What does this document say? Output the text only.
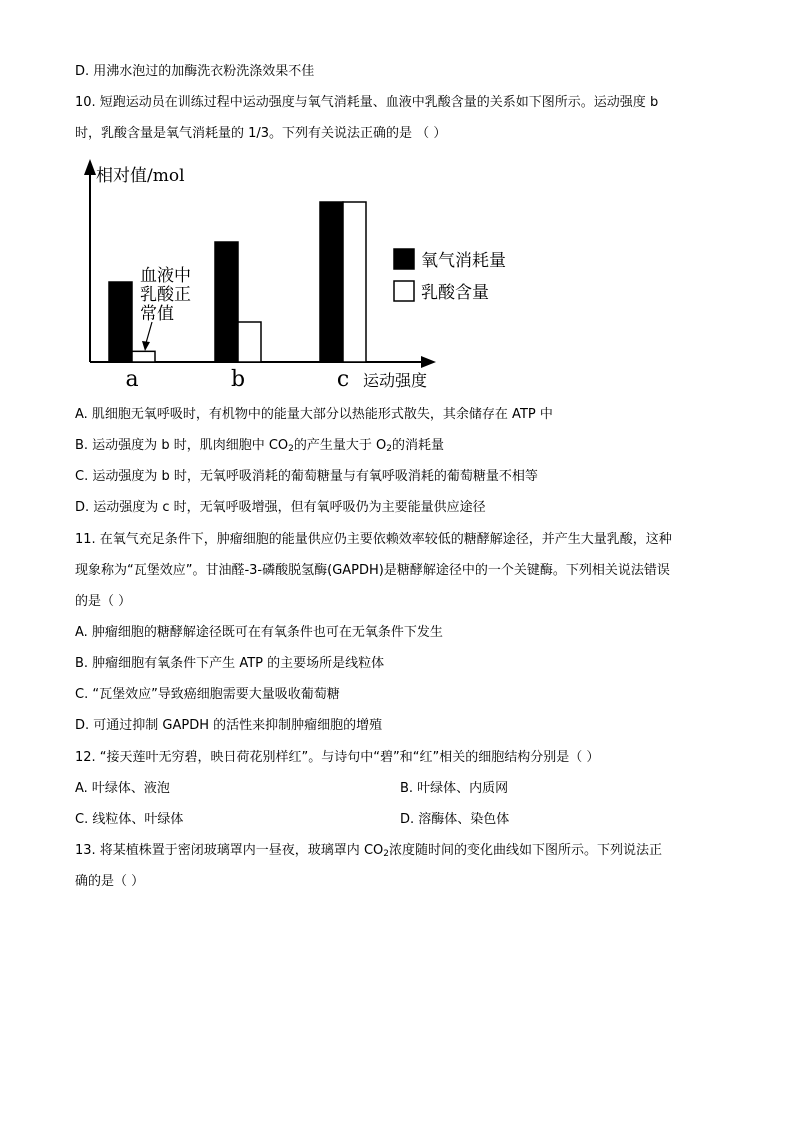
D. 用沸水泡过的加酶洗衣粉洗涤效果不佳
10. 短跑运动员在训练过程中运动强度与氧气消耗量、血液中乳酸含量的关系如下图所示。运动强度 b
时，乳酸含量是氧气消耗量的 1/3。下列有关说法正确的是 （ ）
相对值/mol
运动强度
a	b	c
血液中
乳酸正
常值
氧气消耗量
乳酸含量
A. 肌细胞无氧呼吸时，有机物中的能量大部分以热能形式散失，其余储存在 ATP 中
B. 运动强度为 b 时，肌肉细胞中 $CO_2$的产生量大于 $O_2$的消耗量
C. 运动强度为 b 时，无氧呼吸消耗的葡萄糖量与有氧呼吸消耗的葡萄糖量不相等
D. 运动强度为 c 时，无氧呼吸增强，但有氧呼吸仍为主要能量供应途径
11. 在氧气充足条件下，肿瘤细胞的能量供应仍主要依赖效率较低的糖酵解途径，并产生大量乳酸，这种
现象称为“瓦堡效应”。甘油醛-3-磷酸脱氢酶(GAPDH)是糖酵解途径中的一个关键酶。下列相关说法错误
的是（ ）
A. 肿瘤细胞的糖酵解途径既可在有氧条件也可在无氧条件下发生
B. 肿瘤细胞有氧条件下产生 ATP 的主要场所是线粒体
C. “瓦堡效应”导致癌细胞需要大量吸收葡萄糖
D. 可通过抑制 GAPDH 的活性来抑制肿瘤细胞的增殖
12. “接天莲叶无穷碧，映日荷花别样红”。与诗句中“碧”和“红”相关的细胞结构分别是（ ）
A. 叶绿体、液泡	B. 叶绿体、内质网
C. 线粒体、叶绿体	D. 溶酶体、染色体
13. 将某植株置于密闭玻璃罩内一昼夜，玻璃罩内 $CO_2$浓度随时间的变化曲线如下图所示。下列说法正
确的是（ ）
